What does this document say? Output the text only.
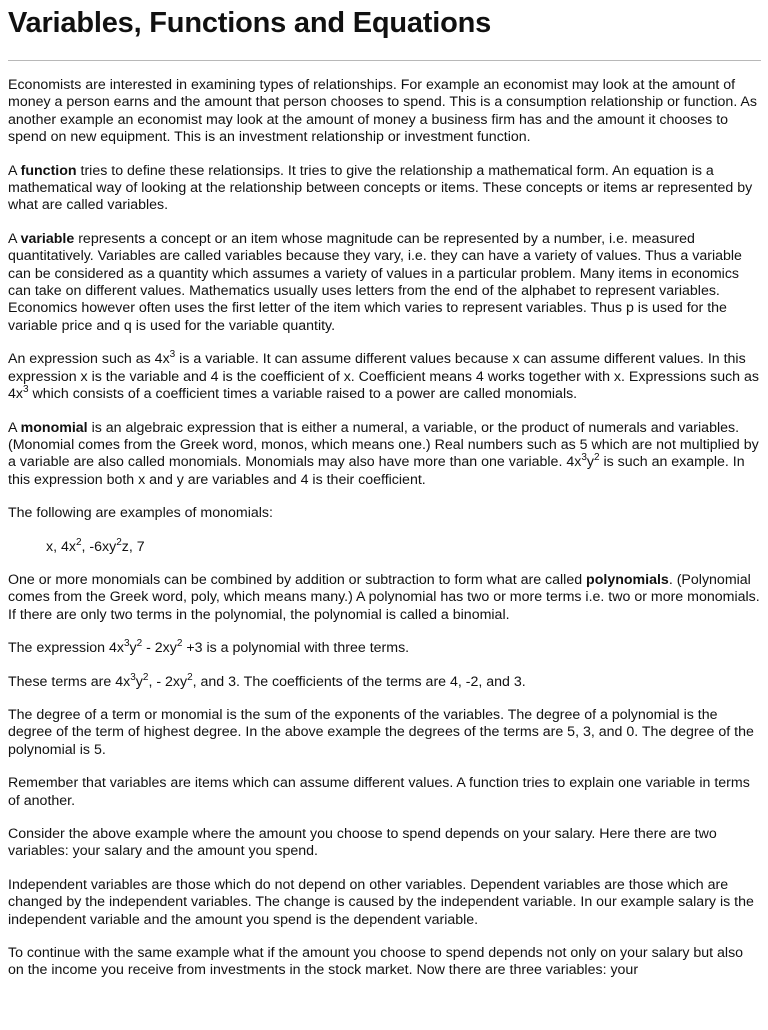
Variables, Functions and Equations

Economists are interested in examining types of relationships. For example an economist may look at the amount of money a person earns and the amount that person chooses to spend. This is a consumption relationship or function. As another example an economist may look at the amount of money a business firm has and the amount it chooses to spend on new equipment. This is an investment relationship or investment function.

A function tries to define these relationsips. It tries to give the relationship a mathematical form. An equation is a mathematical way of looking at the relationship between concepts or items. These concepts or items ar represented by what are called variables.

A variable represents a concept or an item whose magnitude can be represented by a number, i.e. measured quantitatively. Variables are called variables because they vary, i.e. they can have a variety of values. Thus a variable can be considered as a quantity which assumes a variety of values in a particular problem. Many items in economics can take on different values. Mathematics usually uses letters from the end of the alphabet to represent variables. Economics however often uses the first letter of the item which varies to represent variables. Thus p is used for the variable price and q is used for the variable quantity.

An expression such as $4x^3$ is a variable. It can assume different values because x can assume different values. In this expression x is the variable and 4 is the coefficient of x. Coefficient means 4 works together with x. Expressions such as $4x^3$ which consists of a coefficient times a variable raised to a power are called monomials.

A monomial is an algebraic expression that is either a numeral, a variable, or the product of numerals and variables. (Monomial comes from the Greek word, monos, which means one.) Real numbers such as 5 which are not multiplied by a variable are also called monomials. Monomials may also have more than one variable. $4x^3y^2$ is such an example. In this expression both x and y are variables and 4 is their coefficient.

The following are examples of monomials:

x, $4x^2$, $-6xy^2z$, 7

One or more monomials can be combined by addition or subtraction to form what are called polynomials. (Polynomial comes from the Greek word, poly, which means many.) A polynomial has two or more terms i.e. two or more monomials. If there are only two terms in the polynomial, the polynomial is called a binomial.

The expression $4x^3y^2 - 2xy^2 +3$ is a polynomial with three terms.

These terms are $4x^3y^2$, - $2xy^2$, and 3. The coefficients of the terms are 4, -2, and 3.

The degree of a term or monomial is the sum of the exponents of the variables. The degree of a polynomial is the degree of the term of highest degree. In the above example the degrees of the terms are 5, 3, and 0. The degree of the polynomial is 5.

Remember that variables are items which can assume different values. A function tries to explain one variable in terms of another.

Consider the above example where the amount you choose to spend depends on your salary. Here there are two variables: your salary and the amount you spend.

Independent variables are those which do not depend on other variables. Dependent variables are those which are changed by the independent variables. The change is caused by the independent variable. In our example salary is the independent variable and the amount you spend is the dependent variable.

To continue with the same example what if the amount you choose to spend depends not only on your salary but also on the income you receive from investments in the stock market. Now there are three variables: your
